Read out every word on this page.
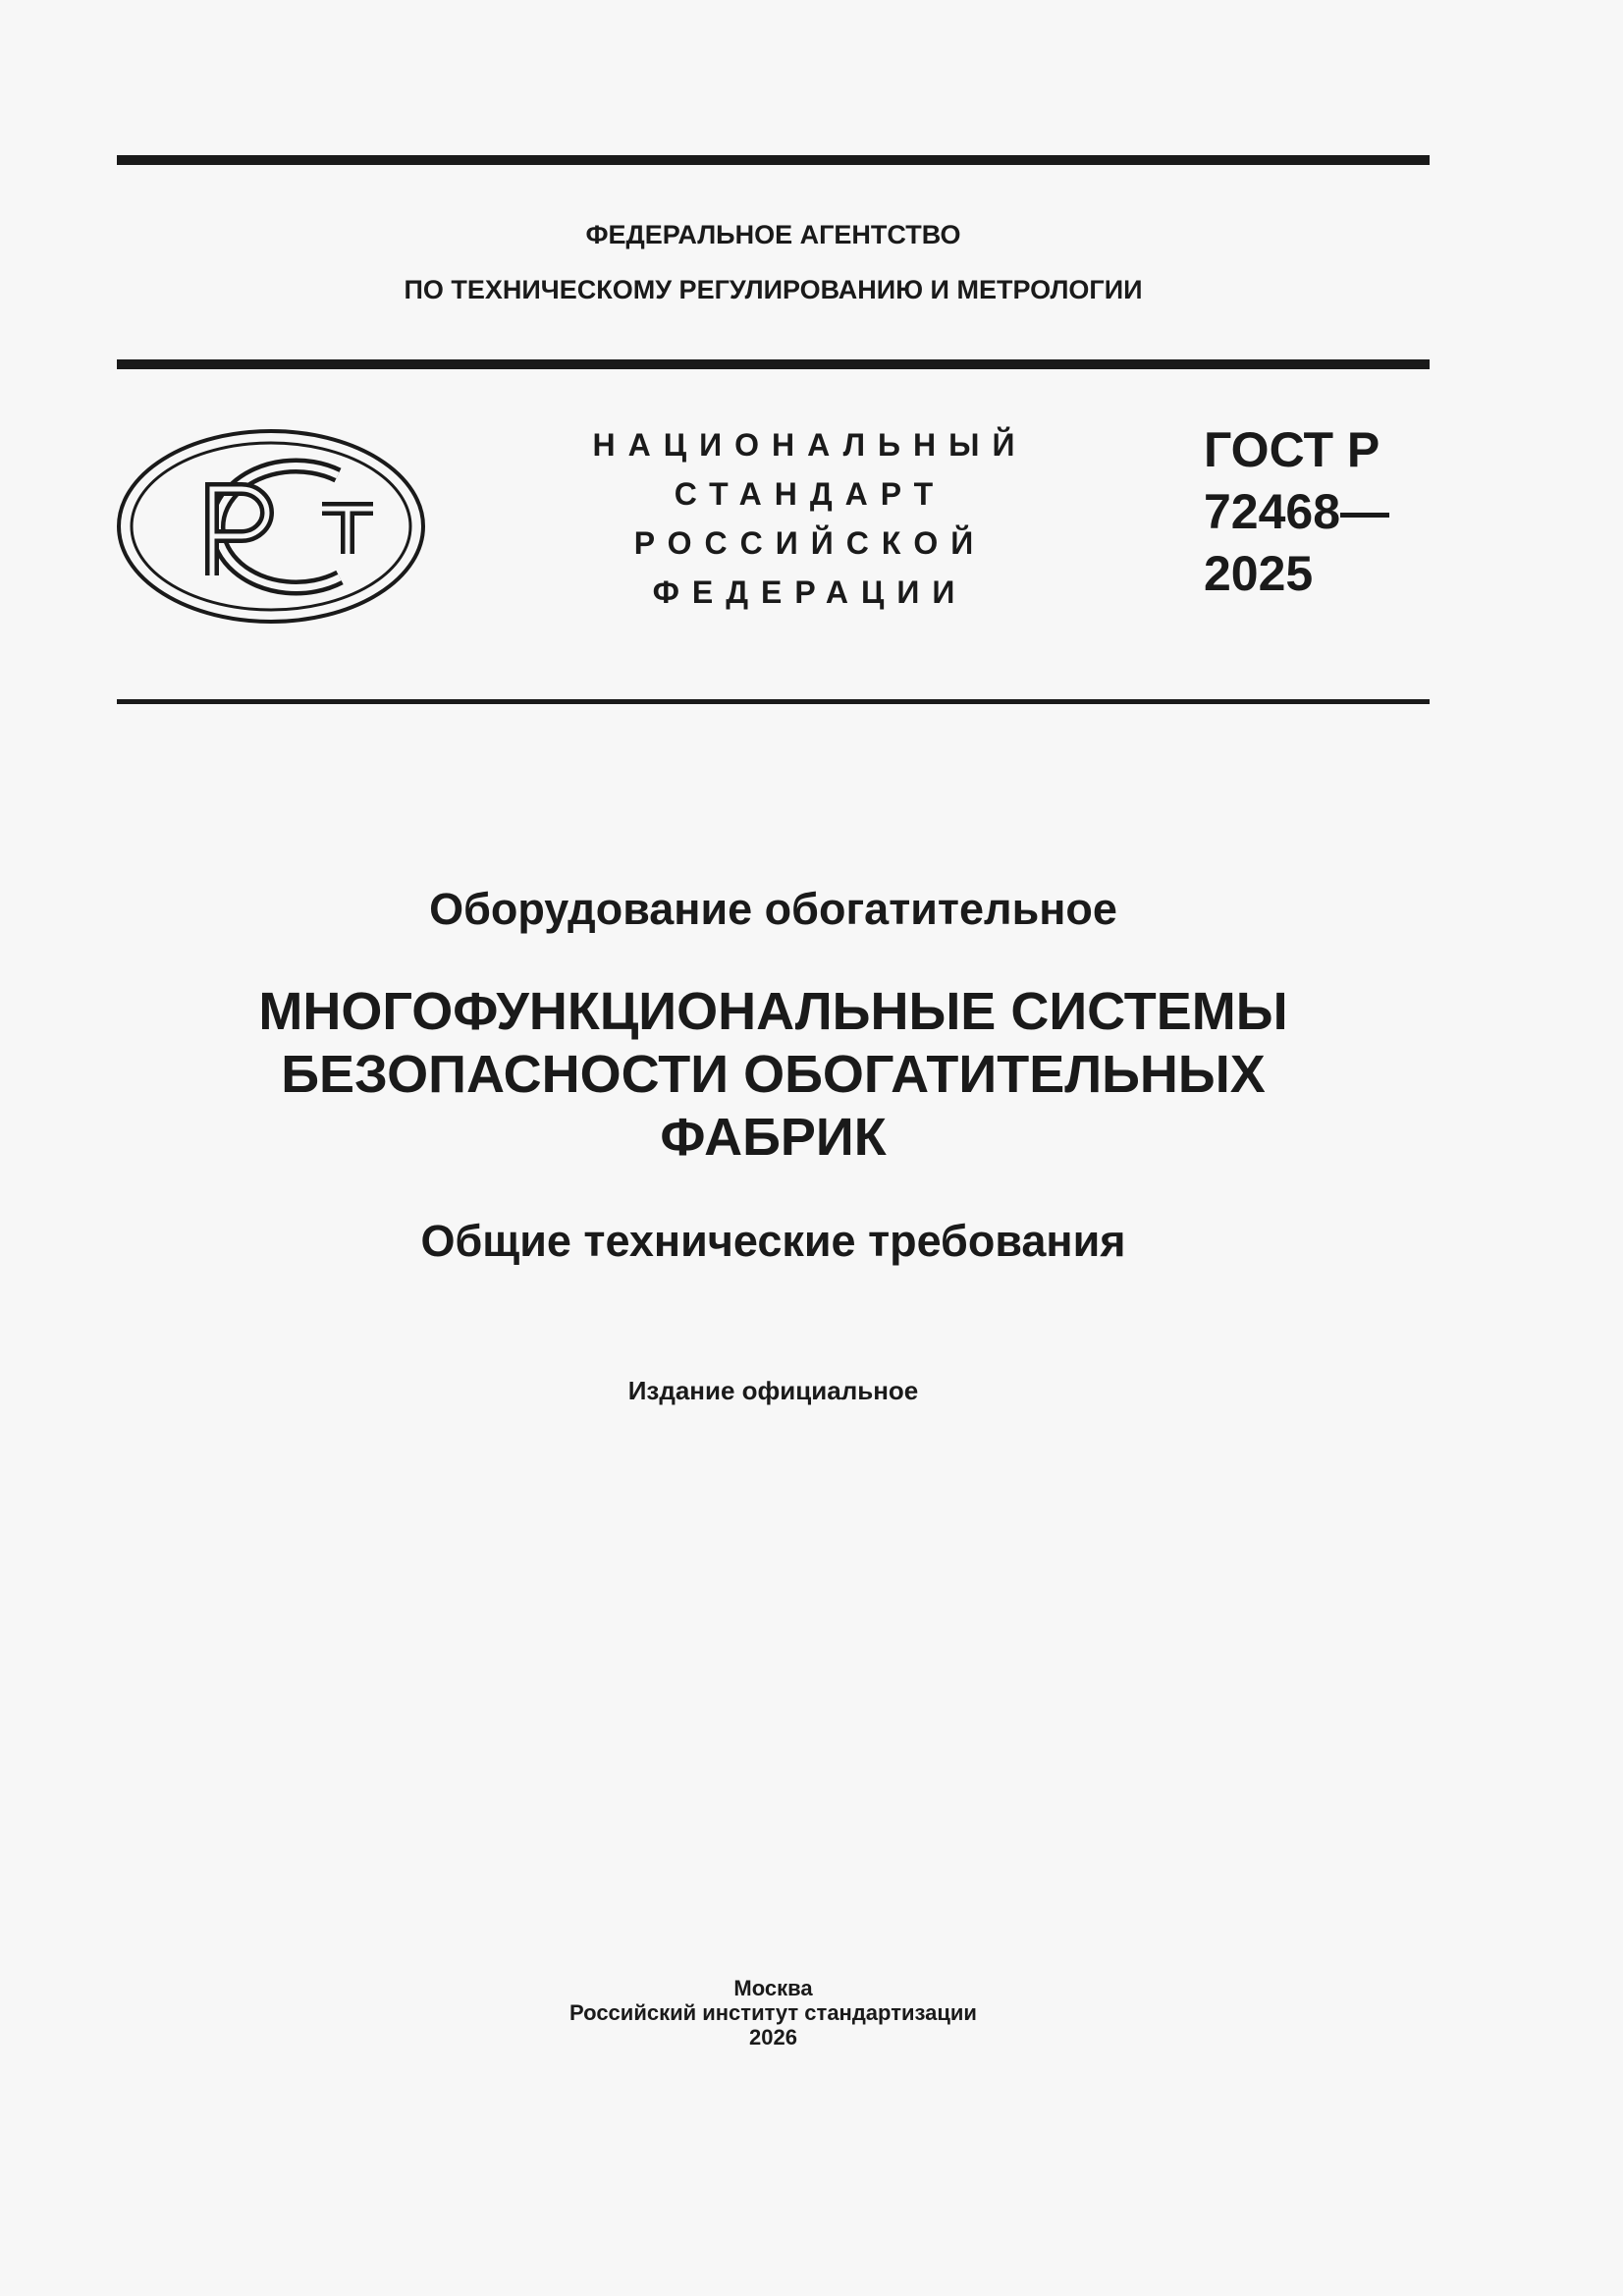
ФЕДЕРАЛЬНОЕ АГЕНТСТВО
ПО ТЕХНИЧЕСКОМУ РЕГУЛИРОВАНИЮ И МЕТРОЛОГИИ
НАЦИОНАЛЬНЫЙ
СТАНДАРТ
РОССИЙСКОЙ
ФЕДЕРАЦИИ
ГОСТ Р
72468—
2025
Оборудование обогатительное
МНОГОФУНКЦИОНАЛЬНЫЕ СИСТЕМЫ
БЕЗОПАСНОСТИ ОБОГАТИТЕЛЬНЫХ
ФАБРИК
Общие технические требования
Издание официальное
Москва
Российский институт стандартизации
2026
